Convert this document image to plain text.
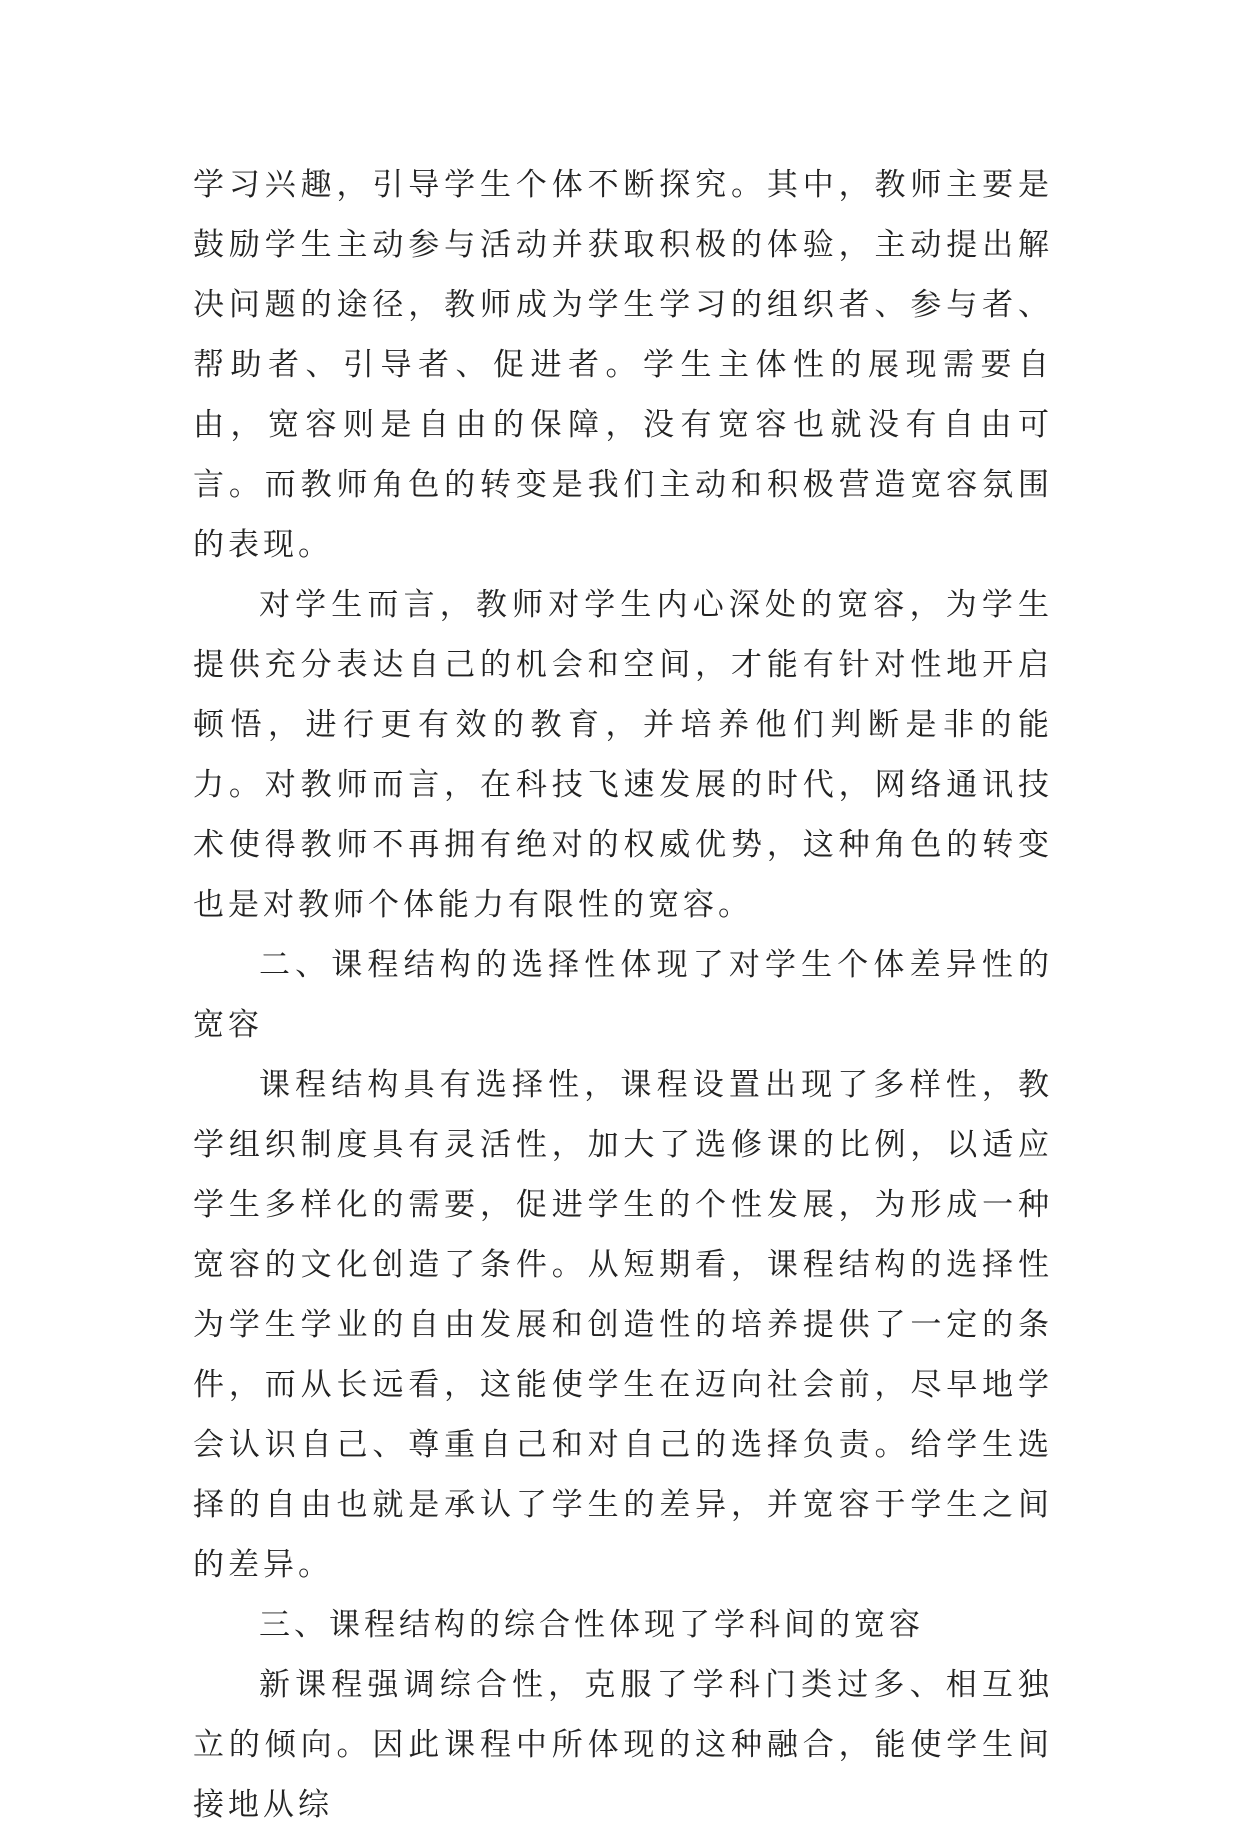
学习兴趣，引导学生个体不断探究。其中，教师主要是鼓励学生主动参与活动并获取积极的体验，主动提出解决问题的途径，教师成为学生学习的组织者、参与者、帮助者、引导者、促进者。学生主体性的展现需要自由，宽容则是自由的保障，没有宽容也就没有自由可言。而教师角色的转变是我们主动和积极营造宽容氛围的表现。

对学生而言，教师对学生内心深处的宽容，为学生提供充分表达自己的机会和空间，才能有针对性地开启顿悟，进行更有效的教育，并培养他们判断是非的能力。对教师而言，在科技飞速发展的时代，网络通讯技术使得教师不再拥有绝对的权威优势，这种角色的转变也是对教师个体能力有限性的宽容。

二、课程结构的选择性体现了对学生个体差异性的宽容

课程结构具有选择性，课程设置出现了多样性，教学组织制度具有灵活性，加大了选修课的比例，以适应学生多样化的需要，促进学生的个性发展，为形成一种宽容的文化创造了条件。从短期看，课程结构的选择性为学生学业的自由发展和创造性的培养提供了一定的条件，而从长远看，这能使学生在迈向社会前，尽早地学会认识自己、尊重自己和对自己的选择负责。给学生选择的自由也就是承认了学生的差异，并宽容于学生之间的差异。

三、课程结构的综合性体现了学科间的宽容

新课程强调综合性，克服了学科门类过多、相互独立的倾向。因此课程中所体现的这种融合，能使学生间接地从综
